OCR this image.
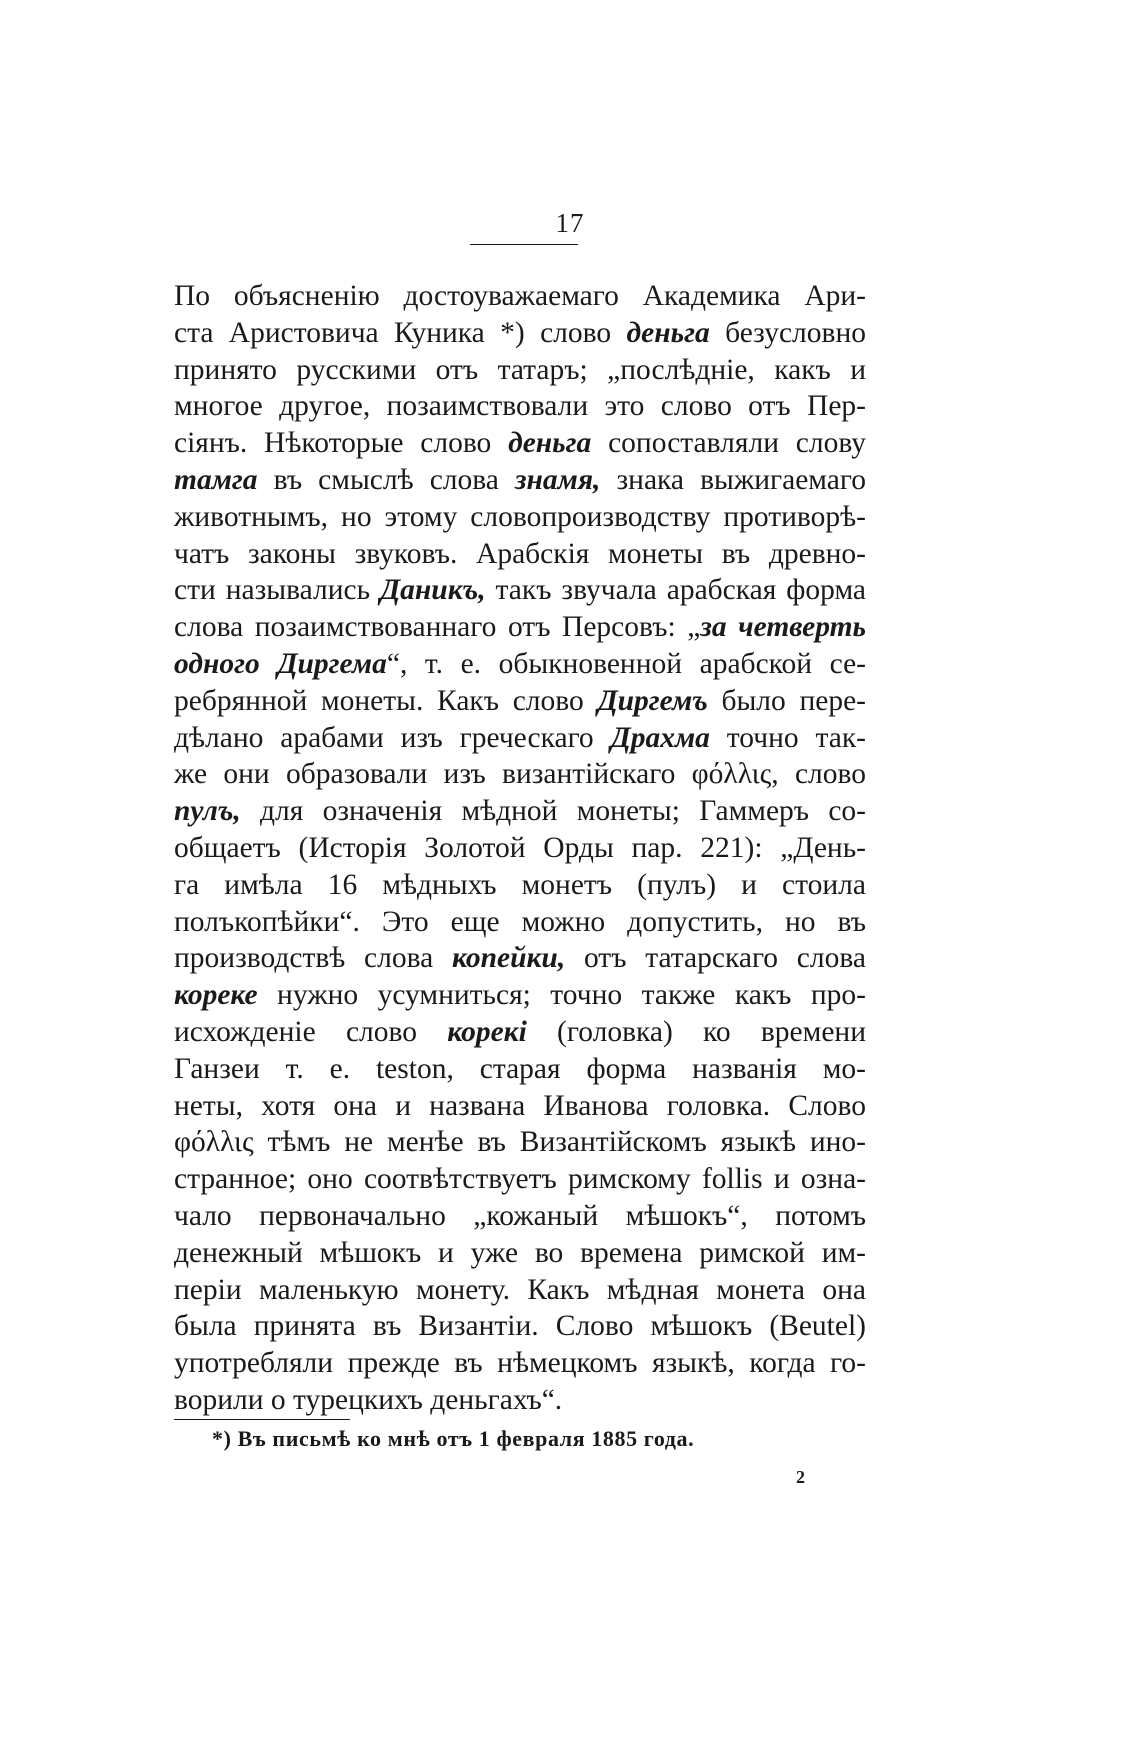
17
По объясненію достоуважаемаго Академика Ари-
ста Аристовича Куника *) слово деньга безусловно
принято русскими отъ татаръ; „послѣдніе, какъ и
многое другое, позаимствовали это слово отъ Пер-
сіянъ. Нѣкоторые слово деньга сопоставляли слову
тамга въ смыслѣ слова знамя, знака выжигаемаго
животнымъ, но этому словопроизводству противорѣ-
чатъ законы звуковъ. Арабскія монеты въ древно-
сти назывались Даникъ, такъ звучала арабская форма
слова позаимствованнаго отъ Персовъ: „за четверть
одного Диргема“, т. е. обыкновенной арабской се-
ребрянной монеты. Какъ слово Диргемъ было пере-
дѣлано арабами изъ греческаго Драхма точно так-
же они образовали изъ византійскаго φόλλις, слово
пулъ, для означенія мѣдной монеты; Гаммеръ со-
общаетъ (Исторія Золотой Орды пар. 221): „День-
га имѣла 16 мѣдныхъ монетъ (пулъ) и стоила
полъкопѣйки“. Это еще можно допустить, но въ
производствѣ слова копейки, отъ татарскаго слова
кореке нужно усумниться; точно также какъ про-
исхожденіе слово корекі (головка) ко времени
Ганзеи т. е. teston, старая форма названія мо-
неты, хотя она и названа Иванова головка. Слово
φόλλις тѣмъ не менѣе въ Византійскомъ языкѣ ино-
странное; оно соотвѣтствуетъ римскому follis и озна-
чало первоначально „кожаный мѣшокъ“, потомъ
денежный мѣшокъ и уже во времена римской им-
періи маленькую монету. Какъ мѣдная монета она
была принята въ Византіи. Слово мѣшокъ (Beutel)
употребляли прежде въ нѣмецкомъ языкѣ, когда го-
ворили о турецкихъ деньгахъ“.
*) Въ письмѣ ко мнѣ отъ 1 февраля 1885 года.
2
